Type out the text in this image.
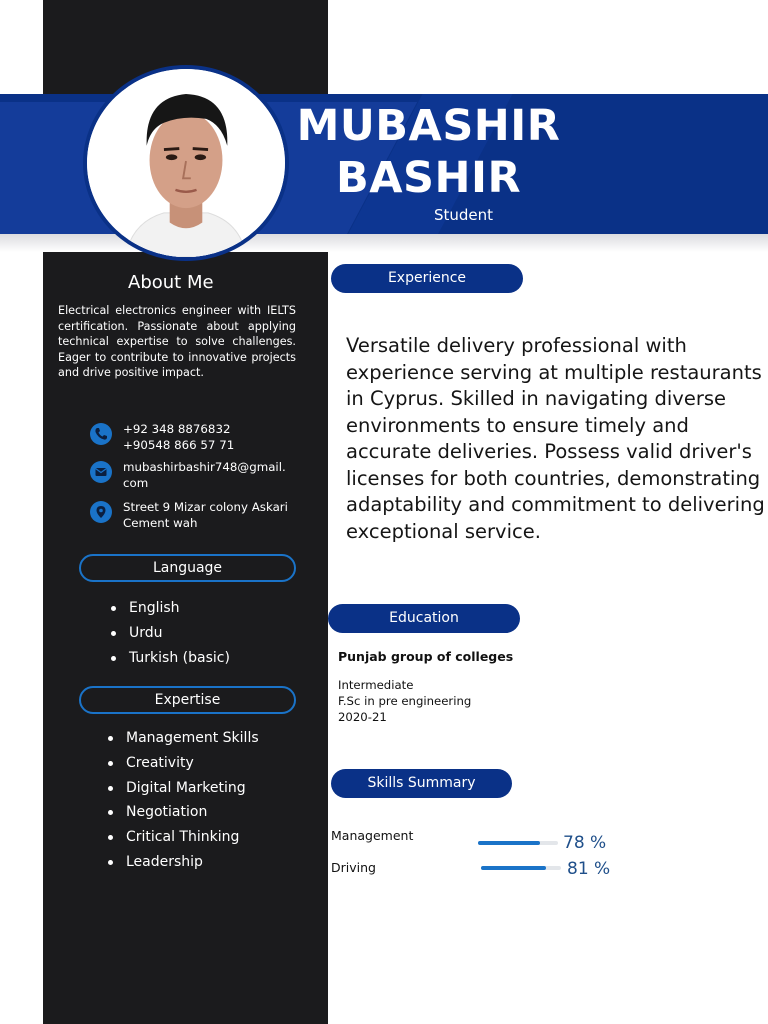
MUBASHIR
BASHIR
Student
About Me
Electrical electronics engineer with IELTS certification. Passionate about applying technical expertise to solve challenges. Eager to contribute to innovative projects and drive positive impact.
+92 348 8876832
+90548 866 57 71
mubashirbashir748@gmail.
com
Street 9 Mizar colony Askari
Cement wah
Language
English
Urdu
Turkish (basic)
Expertise
Management Skills
Creativity
Digital Marketing
Negotiation
Critical Thinking
Leadership
Experience
Versatile delivery professional with experience serving at multiple restaurants in Cyprus. Skilled in navigating diverse environments to ensure timely and accurate deliveries. Possess valid driver's licenses for both countries, demonstrating adaptability and commitment to delivering exceptional service.
Education
Punjab group of colleges
Intermediate
F.Sc in pre engineering
2020-21
Skills Summary
Management	78 %
Driving	81 %
